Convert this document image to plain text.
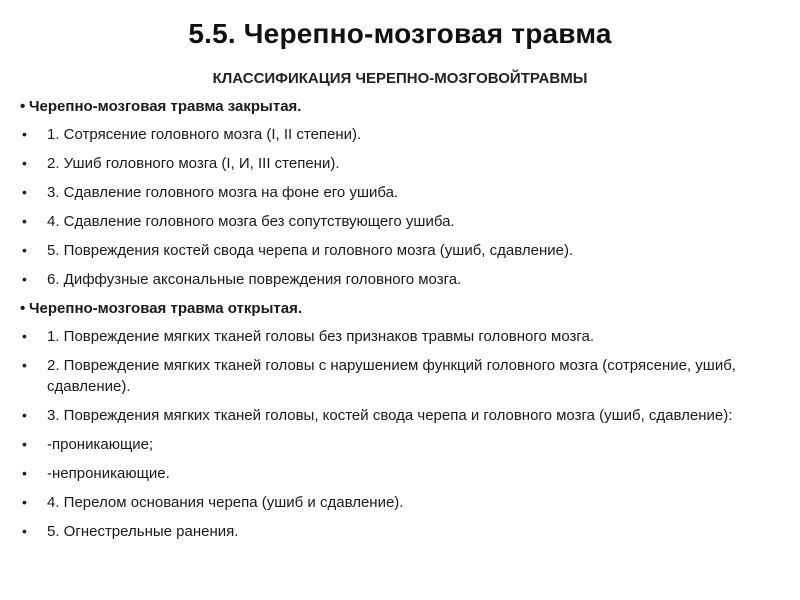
5.5. Черепно-мозговая травма
КЛАССИФИКАЦИЯ ЧЕРЕПНО-МОЗГОВОЙТРАВМЫ
• Черепно-мозговая травма закрытая.
• 1. Сотрясение головного мозга (I, II степени).
• 2. Ушиб головного мозга (I, И, III степени).
• 3. Сдавление головного мозга на фоне его ушиба.
• 4. Сдавление головного мозга без сопутствующего ушиба.
• 5. Повреждения костей свода черепа и головного мозга (ушиб, сдавление).
• 6. Диффузные аксональные повреждения головного мозга.
• Черепно-мозговая травма открытая.
• 1. Повреждение мягких тканей головы без признаков травмы головного мозга.
• 2. Повреждение мягких тканей головы с нарушением функций головного мозга (сотрясение, ушиб, сдавление).
• 3. Повреждения мягких тканей головы, костей свода черепа и головного мозга (ушиб, сдавление):
• -проникающие;
• -непроникающие.
• 4. Перелом основания черепа (ушиб и сдавление).
• 5. Огнестрельные ранения.
